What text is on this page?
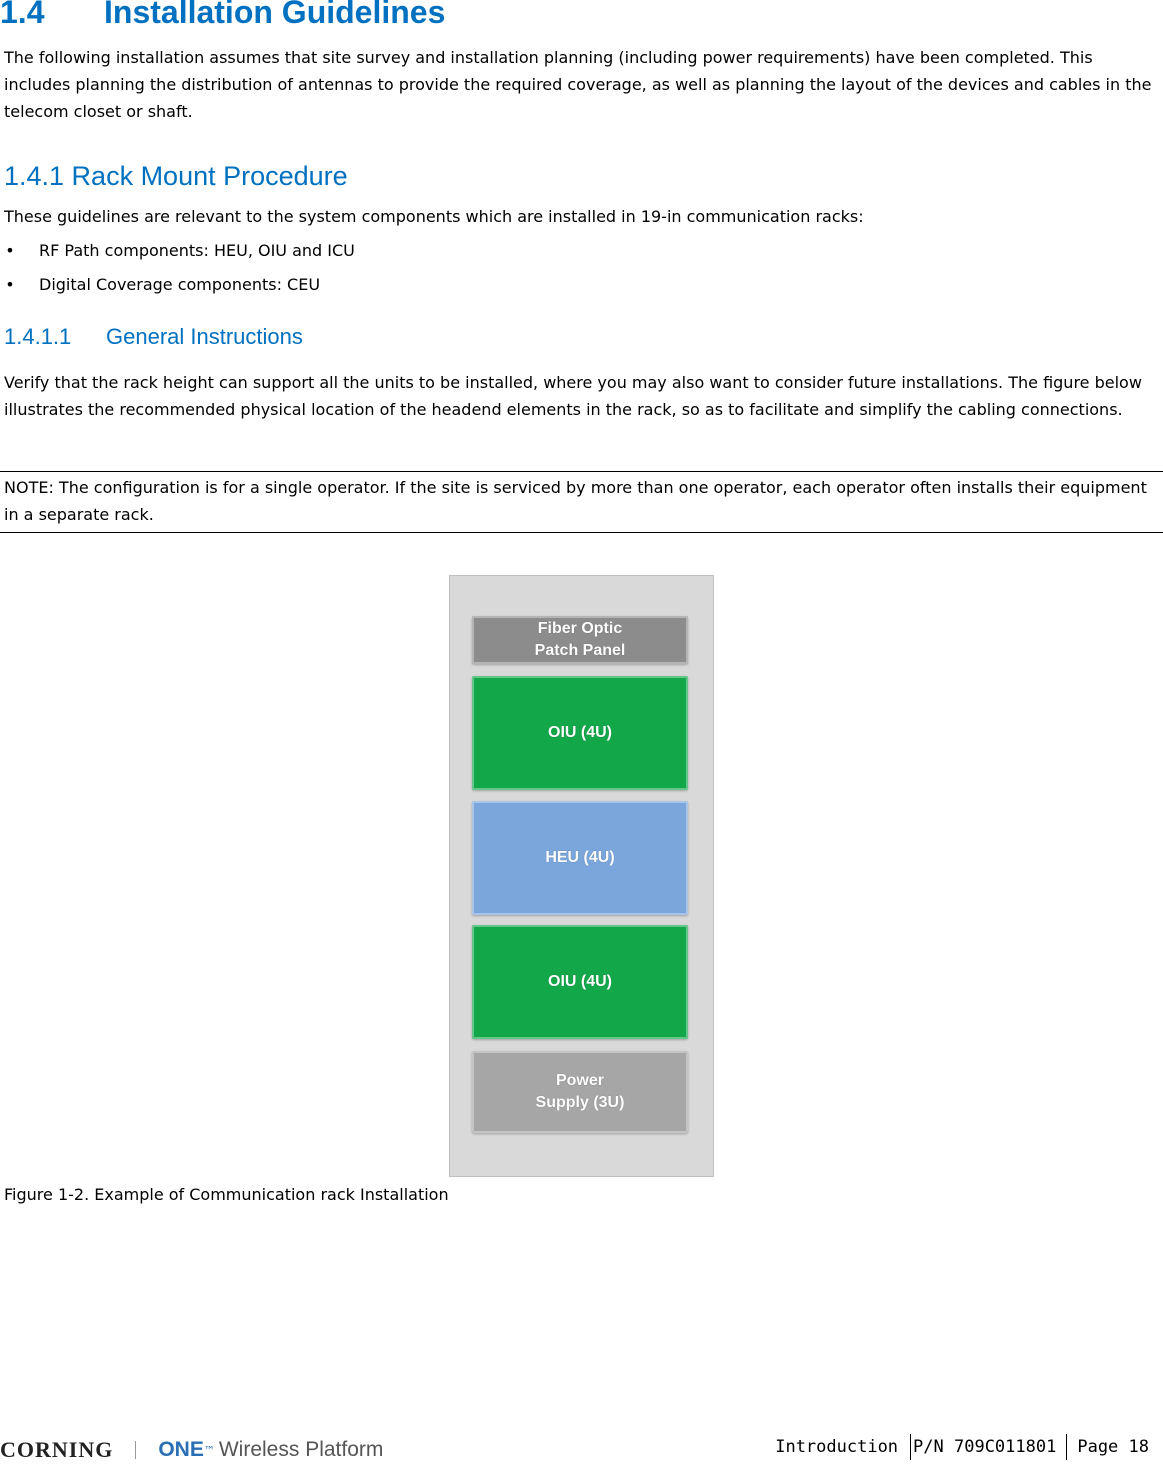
1.4 Installation Guidelines

The following installation assumes that site survey and installation planning (including power requirements) have been completed. This includes planning the distribution of antennas to provide the required coverage, as well as planning the layout of the devices and cables in the telecom closet or shaft.

1.4.1 Rack Mount Procedure

These guidelines are relevant to the system components which are installed in 19-in communication racks:

• RF Path components: HEU, OIU and ICU
• Digital Coverage components: CEU
1.4.1.1 General Instructions

Verify that the rack height can support all the units to be installed, where you may also want to consider future installations. The figure below illustrates the recommended physical location of the headend elements in the rack, so as to facilitate and simplify the cabling connections.

NOTE: The configuration is for a single operator. If the site is serviced by more than one operator, each operator often installs their equipment in a separate rack.

Fiber Optic
Patch Panel
OIU (4U)
HEU (4U)
OIU (4U)
Power
Supply (3U)
Figure 1-2. Example of Communication rack Installation
CORNING ONE ™ Wireless Platform	Introduction P/N 709C011801 Page 18
